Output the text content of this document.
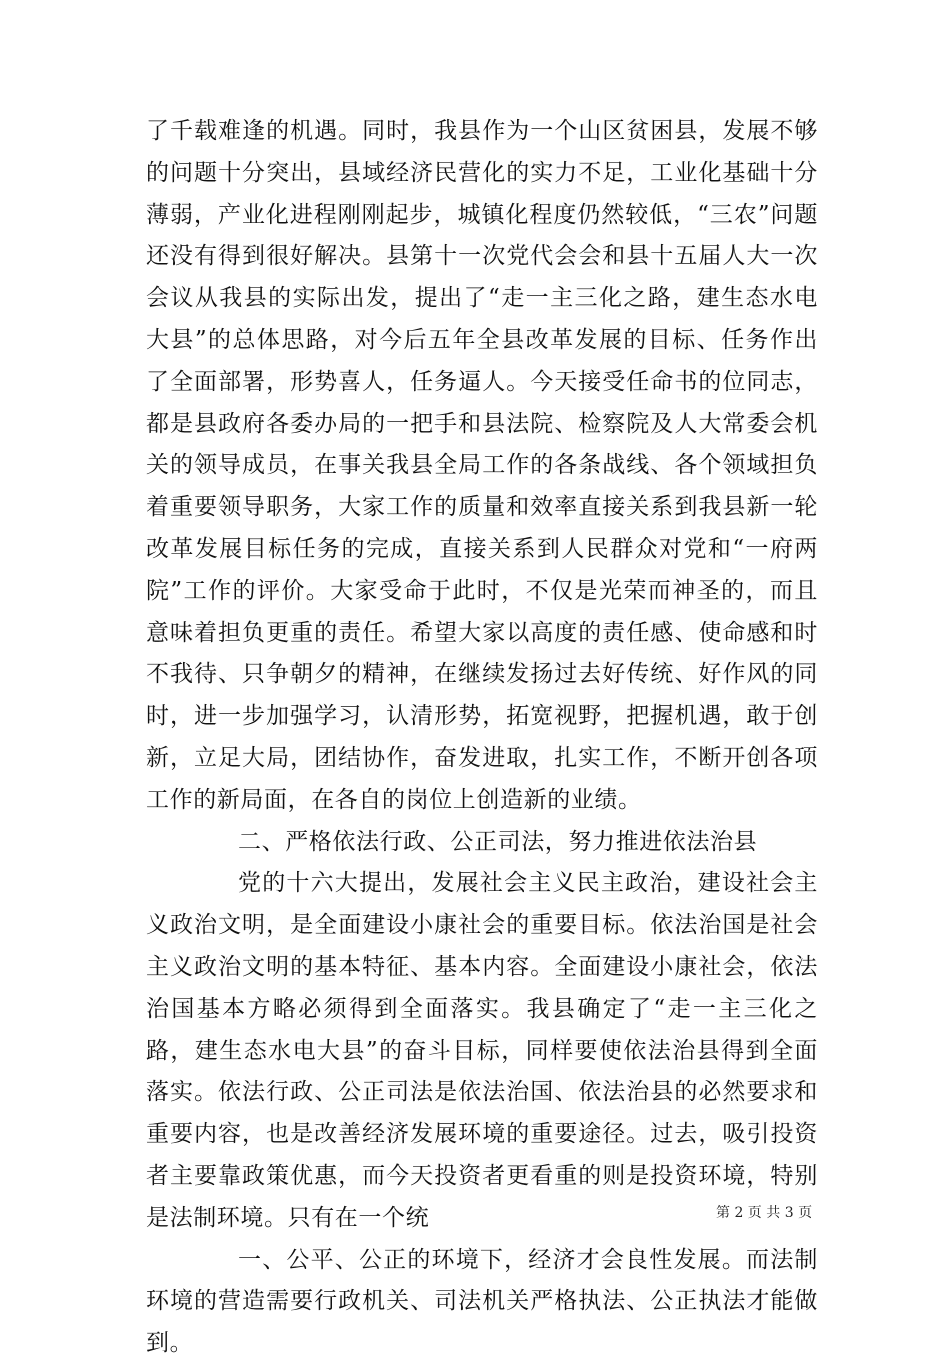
了千载难逢的机遇。同时，我县作为一个山区贫困县，发展不够的问题十分突出，县域经济民营化的实力不足，工业化基础十分薄弱，产业化进程刚刚起步，城镇化程度仍然较低，“三农”问题还没有得到很好解决。县第十一次党代会会和县十五届人大一次会议从我县的实际出发，提出了“走一主三化之路，建生态水电大县”的总体思路，对今后五年全县改革发展的目标、任务作出了全面部署，形势喜人，任务逼人。今天接受任命书的位同志，都是县政府各委办局的一把手和县法院、检察院及人大常委会机关的领导成员，在事关我县全局工作的各条战线、各个领域担负着重要领导职务，大家工作的质量和效率直接关系到我县新一轮改革发展目标任务的完成，直接关系到人民群众对党和“一府两院”工作的评价。大家受命于此时，不仅是光荣而神圣的，而且意味着担负更重的责任。希望大家以高度的责任感、使命感和时不我待、只争朝夕的精神，在继续发扬过去好传统、好作风的同时，进一步加强学习，认清形势，拓宽视野，把握机遇，敢于创新，立足大局，团结协作，奋发进取，扎实工作，不断开创各项工作的新局面，在各自的岗位上创造新的业绩。

二、严格依法行政、公正司法，努力推进依法治县

党的十六大提出，发展社会主义民主政治，建设社会主义政治文明，是全面建设小康社会的重要目标。依法治国是社会主义政治文明的基本特征、基本内容。全面建设小康社会，依法治国基本方略必须得到全面落实。我县确定了“走一主三化之路，建生态水电大县”的奋斗目标，同样要使依法治县得到全面落实。依法行政、公正司法是依法治国、依法治县的必然要求和重要内容，也是改善经济发展环境的重要途径。过去，吸引投资者主要靠政策优惠，而今天投资者更看重的则是投资环境，特别是法制环境。只有在一个统

一、公平、公正的环境下，经济才会良性发展。而法制环境的营造需要行政机关、司法机关严格执法、公正执法才能做到。

第 2 页 共 3 页
